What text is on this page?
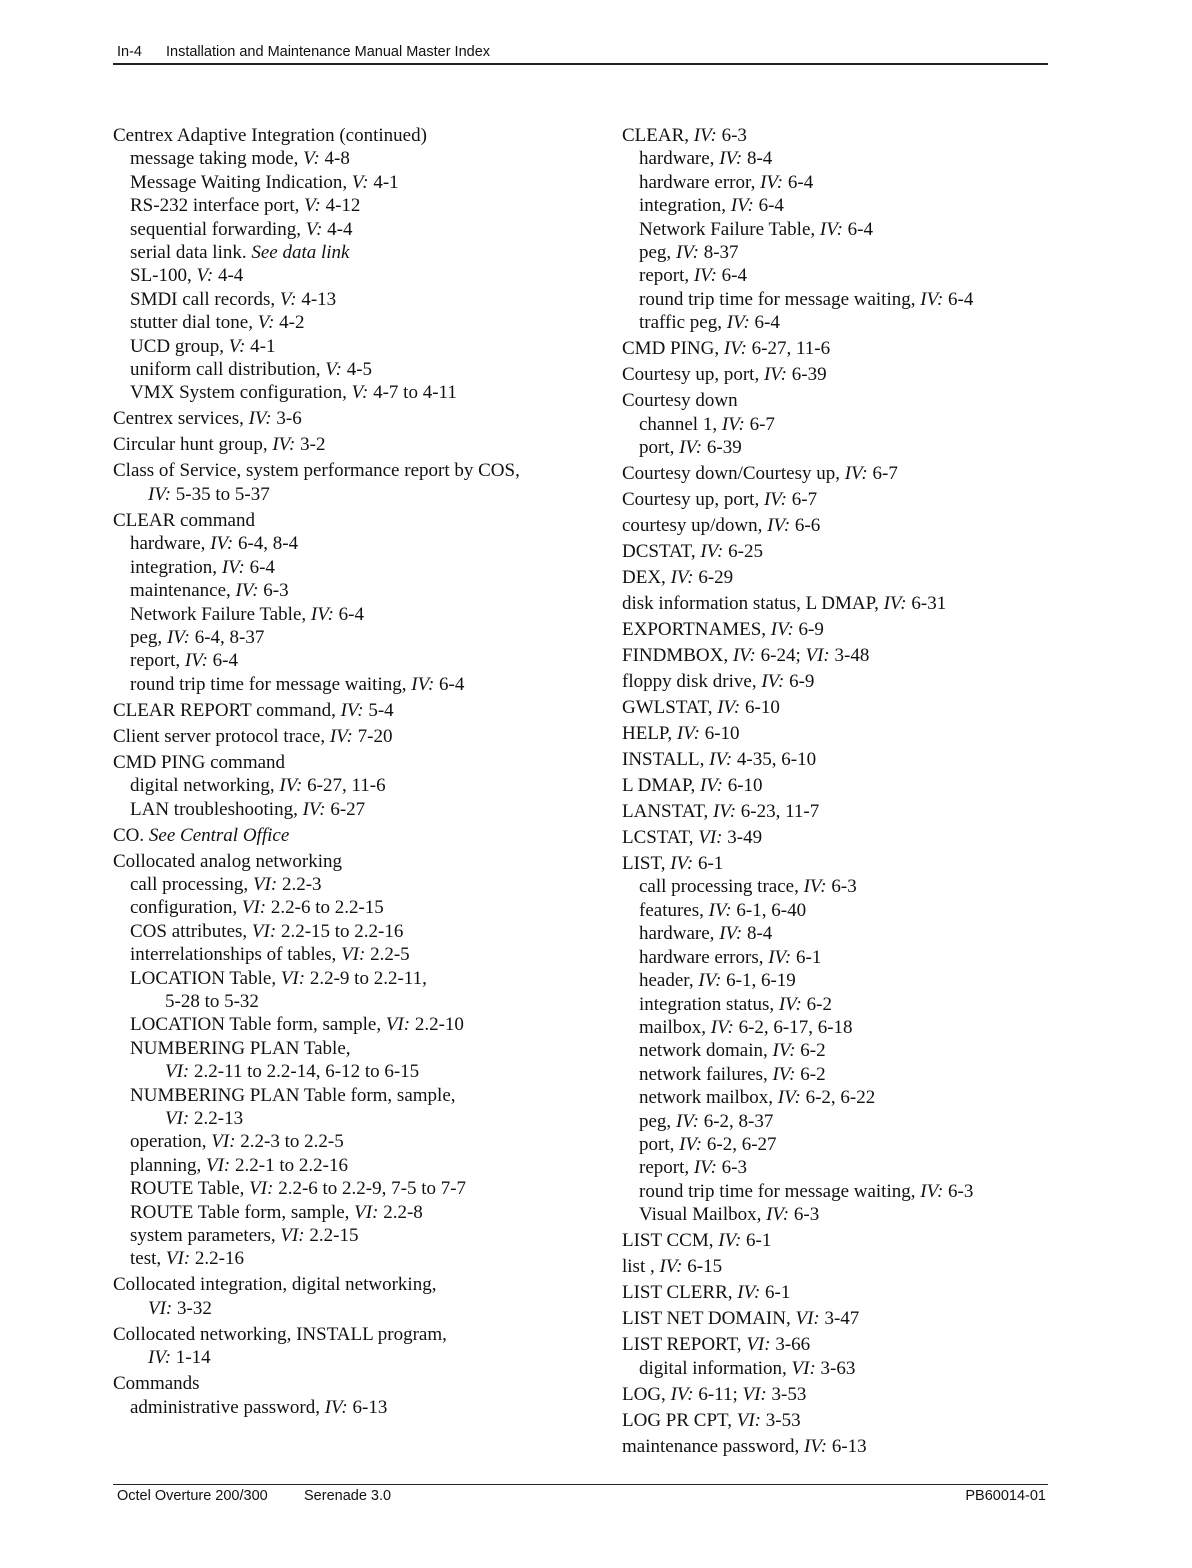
In-4 Installation and Maintenance Manual Master Index
Centrex Adaptive Integration (continued)
message taking mode, V: 4-8
Message Waiting Indication, V: 4-1
RS-232 interface port, V: 4-12
sequential forwarding, V: 4-4
serial data link. See data link
SL-100, V: 4-4
SMDI call records, V: 4-13
stutter dial tone, V: 4-2
UCD group, V: 4-1
uniform call distribution, V: 4-5
VMX System configuration, V: 4-7 to 4-11
Centrex services, IV: 3-6
Circular hunt group, IV: 3-2
Class of Service, system performance report by COS,
IV: 5-35 to 5-37
CLEAR command
hardware, IV: 6-4, 8-4
integration, IV: 6-4
maintenance, IV: 6-3
Network Failure Table, IV: 6-4
peg, IV: 6-4, 8-37
report, IV: 6-4
round trip time for message waiting, IV: 6-4
CLEAR REPORT command, IV: 5-4
Client server protocol trace, IV: 7-20
CMD PING command
digital networking, IV: 6-27, 11-6
LAN troubleshooting, IV: 6-27
CO. See Central Office
Collocated analog networking
call processing, VI: 2.2-3
configuration, VI: 2.2-6 to 2.2-15
COS attributes, VI: 2.2-15 to 2.2-16
interrelationships of tables, VI: 2.2-5
LOCATION Table, VI: 2.2-9 to 2.2-11,
5-28 to 5-32
LOCATION Table form, sample, VI: 2.2-10
NUMBERING PLAN Table,
VI: 2.2-11 to 2.2-14, 6-12 to 6-15
NUMBERING PLAN Table form, sample,
VI: 2.2-13
operation, VI: 2.2-3 to 2.2-5
planning, VI: 2.2-1 to 2.2-16
ROUTE Table, VI: 2.2-6 to 2.2-9, 7-5 to 7-7
ROUTE Table form, sample, VI: 2.2-8
system parameters, VI: 2.2-15
test, VI: 2.2-16
Collocated integration, digital networking,
VI: 3-32
Collocated networking, INSTALL program,
IV: 1-14
Commands
administrative password, IV: 6-13
CLEAR, IV: 6-3
hardware, IV: 8-4
hardware error, IV: 6-4
integration, IV: 6-4
Network Failure Table, IV: 6-4
peg, IV: 8-37
report, IV: 6-4
round trip time for message waiting, IV: 6-4
traffic peg, IV: 6-4
CMD PING, IV: 6-27, 11-6
Courtesy up, port, IV: 6-39
Courtesy down
channel 1, IV: 6-7
port, IV: 6-39
Courtesy down/Courtesy up, IV: 6-7
Courtesy up, port, IV: 6-7
courtesy up/down, IV: 6-6
DCSTAT, IV: 6-25
DEX, IV: 6-29
disk information status, L DMAP, IV: 6-31
EXPORTNAMES, IV: 6-9
FINDMBOX, IV: 6-24; VI: 3-48
floppy disk drive, IV: 6-9
GWLSTAT, IV: 6-10
HELP, IV: 6-10
INSTALL, IV: 4-35, 6-10
L DMAP, IV: 6-10
LANSTAT, IV: 6-23, 11-7
LCSTAT, VI: 3-49
LIST, IV: 6-1
call processing trace, IV: 6-3
features, IV: 6-1, 6-40
hardware, IV: 8-4
hardware errors, IV: 6-1
header, IV: 6-1, 6-19
integration status, IV: 6-2
mailbox, IV: 6-2, 6-17, 6-18
network domain, IV: 6-2
network failures, IV: 6-2
network mailbox, IV: 6-2, 6-22
peg, IV: 6-2, 8-37
port, IV: 6-2, 6-27
report, IV: 6-3
round trip time for message waiting, IV: 6-3
Visual Mailbox, IV: 6-3
LIST CCM, IV: 6-1
list , IV: 6-15
LIST CLERR, IV: 6-1
LIST NET DOMAIN, VI: 3-47
LIST REPORT, VI: 3-66
digital information, VI: 3-63
LOG, IV: 6-11; VI: 3-53
LOG PR CPT, VI: 3-53
maintenance password, IV: 6-13
Octel Overture 200/300	Serenade 3.0	PB60014-01
